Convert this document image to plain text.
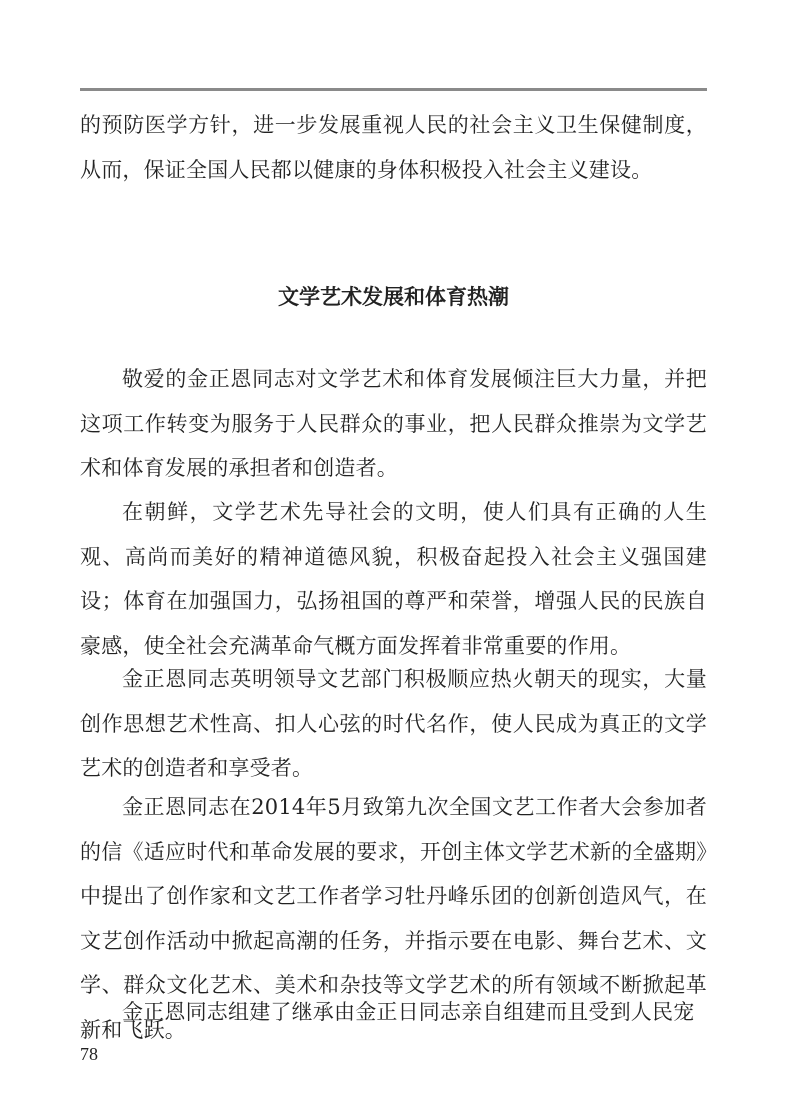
的预防医学方针，进一步发展重视人民的社会主义卫生保健制度，从而，保证全国人民都以健康的身体积极投入社会主义建设。

文学艺术发展和体育热潮

敬爱的金正恩同志对文学艺术和体育发展倾注巨大力量，并把这项工作转变为服务于人民群众的事业，把人民群众推崇为文学艺术和体育发展的承担者和创造者。

在朝鲜，文学艺术先导社会的文明，使人们具有正确的人生观、高尚而美好的精神道德风貌，积极奋起投入社会主义强国建设；体育在加强国力，弘扬祖国的尊严和荣誉，增强人民的民族自豪感，使全社会充满革命气概方面发挥着非常重要的作用。

金正恩同志英明领导文艺部门积极顺应热火朝天的现实，大量创作思想艺术性高、扣人心弦的时代名作，使人民成为真正的文学艺术的创造者和享受者。

金正恩同志在2014年5月致第九次全国文艺工作者大会参加者的信《适应时代和革命发展的要求，开创主体文学艺术新的全盛期》中提出了创作家和文艺工作者学习牡丹峰乐团的创新创造风气，在文艺创作活动中掀起高潮的任务，并指示要在电影、舞台艺术、文学、群众文化艺术、美术和杂技等文学艺术的所有领域不断掀起革新和飞跃。

金正恩同志组建了继承由金正日同志亲自组建而且受到人民宠

78
